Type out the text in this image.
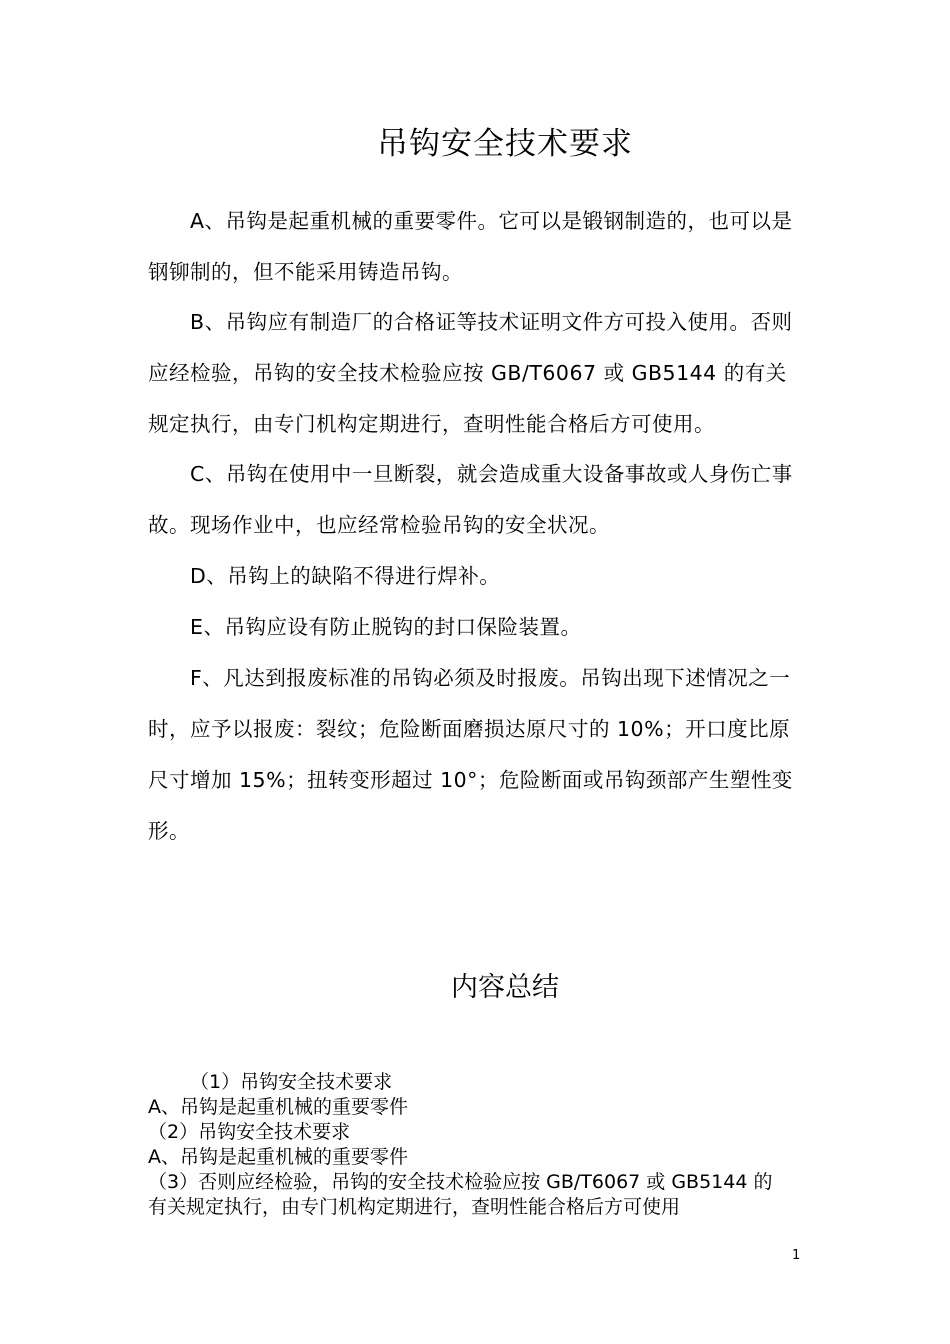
吊钩安全技术要求

A、吊钩是起重机械的重要零件。它可以是锻钢制造的，也可以是钢铆制的，但不能采用铸造吊钩。

B、吊钩应有制造厂的合格证等技术证明文件方可投入使用。否则应经检验，吊钩的安全技术检验应按 GB/T6067 或 GB5144 的有关规定执行，由专门机构定期进行，查明性能合格后方可使用。

C、吊钩在使用中一旦断裂，就会造成重大设备事故或人身伤亡事故。现场作业中，也应经常检验吊钩的安全状况。

D、吊钩上的缺陷不得进行焊补。

E、吊钩应设有防止脱钩的封口保险装置。

F、凡达到报废标准的吊钩必须及时报废。吊钩出现下述情况之一时，应予以报废：裂纹；危险断面磨损达原尺寸的 10%；开口度比原尺寸增加 15%；扭转变形超过 10°；危险断面或吊钩颈部产生塑性变形。

内容总结
（1）吊钩安全技术要求
A、吊钩是起重机械的重要零件
（2）吊钩安全技术要求
A、吊钩是起重机械的重要零件
（3）否则应经检验，吊钩的安全技术检验应按 GB/T6067 或 GB5144 的
有关规定执行，由专门机构定期进行，查明性能合格后方可使用
1
